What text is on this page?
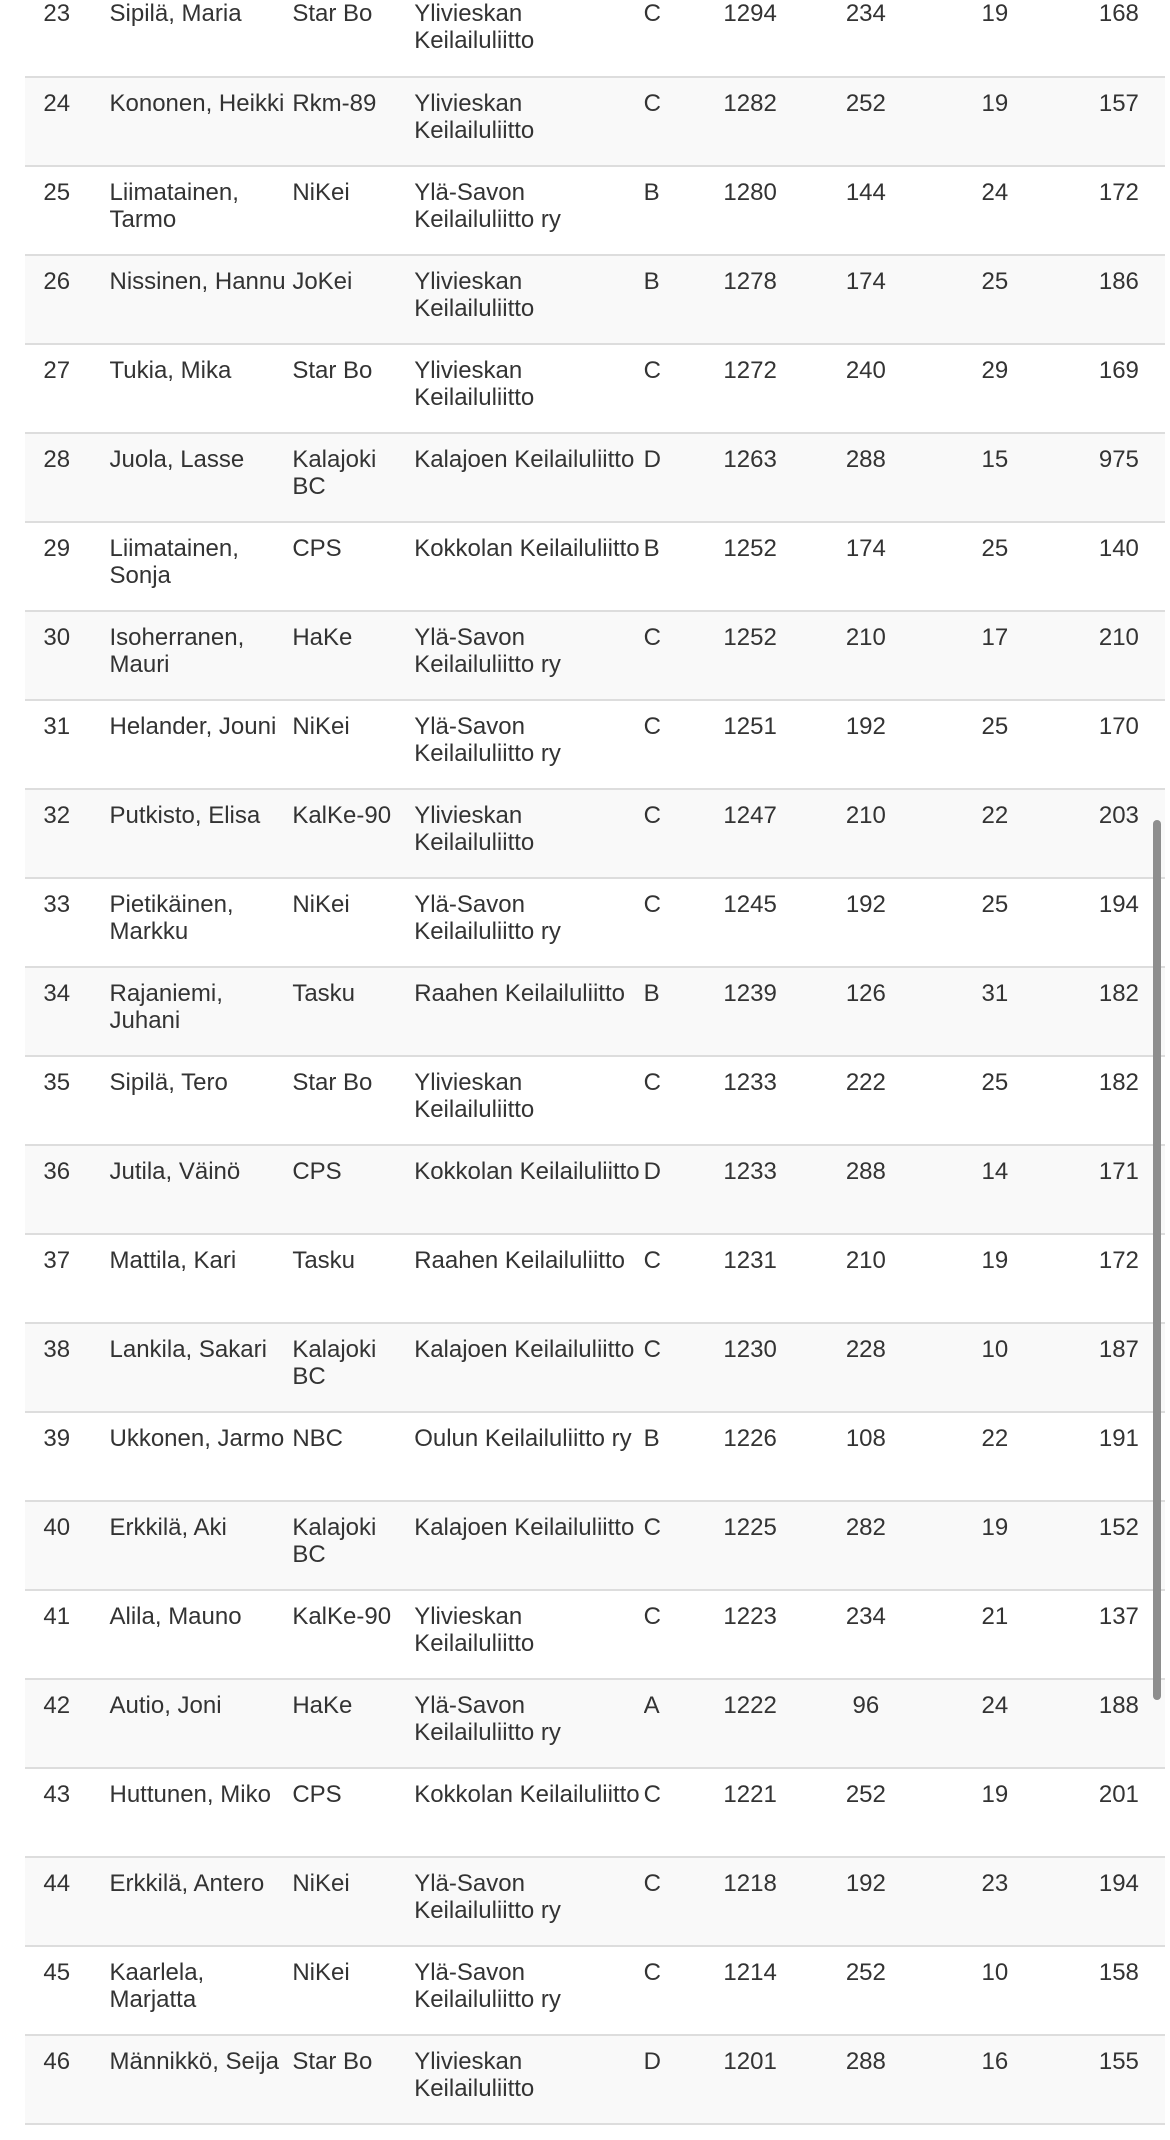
23	Sipilä, Maria	Star Bo	Ylivieskan Keilailuliitto	C	1294	234	19	168
24	Kononen, Heikki	Rkm-89	Ylivieskan Keilailuliitto	C	1282	252	19	157
25	Liimatainen, Tarmo	NiKei	Ylä-Savon Keilailuliitto ry	B	1280	144	24	172
26	Nissinen, Hannu	JoKei	Ylivieskan Keilailuliitto	B	1278	174	25	186
27	Tukia, Mika	Star Bo	Ylivieskan Keilailuliitto	C	1272	240	29	169
28	Juola, Lasse	Kalajoki BC	Kalajoen Keilailuliitto	D	1263	288	15	975
29	Liimatainen, Sonja	CPS	Kokkolan Keilailuliitto	B	1252	174	25	140
30	Isoherranen, Mauri	HaKe	Ylä-Savon Keilailuliitto ry	C	1252	210	17	210
31	Helander, Jouni	NiKei	Ylä-Savon Keilailuliitto ry	C	1251	192	25	170
32	Putkisto, Elisa	KalKe-90	Ylivieskan Keilailuliitto	C	1247	210	22	203
33	Pietikäinen, Markku	NiKei	Ylä-Savon Keilailuliitto ry	C	1245	192	25	194
34	Rajaniemi, Juhani	Tasku	Raahen Keilailuliitto	B	1239	126	31	182
35	Sipilä, Tero	Star Bo	Ylivieskan Keilailuliitto	C	1233	222	25	182
36	Jutila, Väinö	CPS	Kokkolan Keilailuliitto	D	1233	288	14	171
37	Mattila, Kari	Tasku	Raahen Keilailuliitto	C	1231	210	19	172
38	Lankila, Sakari	Kalajoki BC	Kalajoen Keilailuliitto	C	1230	228	10	187
39	Ukkonen, Jarmo	NBC	Oulun Keilailuliitto ry	B	1226	108	22	191
40	Erkkilä, Aki	Kalajoki BC	Kalajoen Keilailuliitto	C	1225	282	19	152
41	Alila, Mauno	KalKe-90	Ylivieskan Keilailuliitto	C	1223	234	21	137
42	Autio, Joni	HaKe	Ylä-Savon Keilailuliitto ry	A	1222	96	24	188
43	Huttunen, Miko	CPS	Kokkolan Keilailuliitto	C	1221	252	19	201
44	Erkkilä, Antero	NiKei	Ylä-Savon Keilailuliitto ry	C	1218	192	23	194
45	Kaarlela, Marjatta	NiKei	Ylä-Savon Keilailuliitto ry	C	1214	252	10	158
46	Männikkö, Seija	Star Bo	Ylivieskan Keilailuliitto	D	1201	288	16	155
